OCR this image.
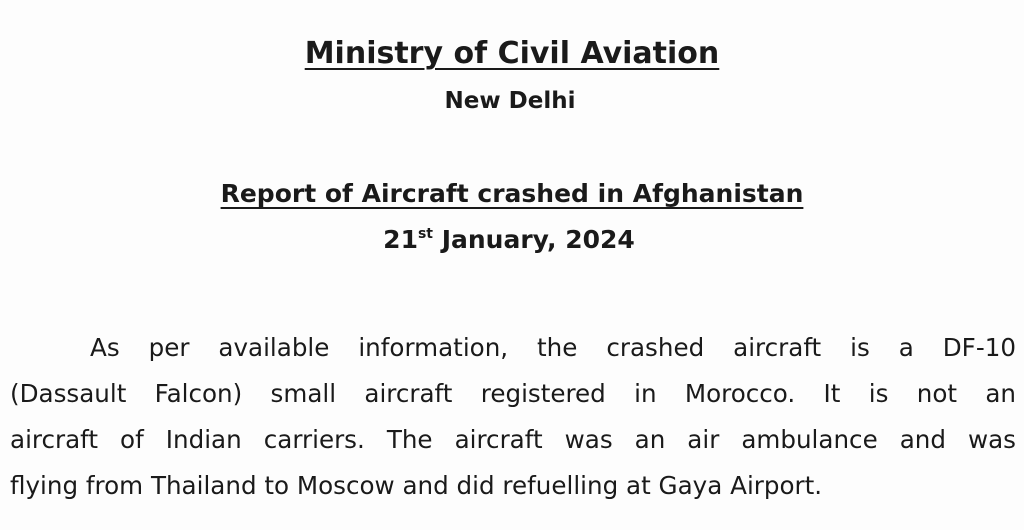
Ministry of Civil Aviation
New Delhi
Report of Aircraft crashed in Afghanistan
21st January, 2024
As per available information, the crashed aircraft is a DF-10
(Dassault Falcon) small aircraft registered in Morocco. It is not an
aircraft of Indian carriers. The aircraft was an air ambulance and was
flying from Thailand to Moscow and did refuelling at Gaya Airport.
